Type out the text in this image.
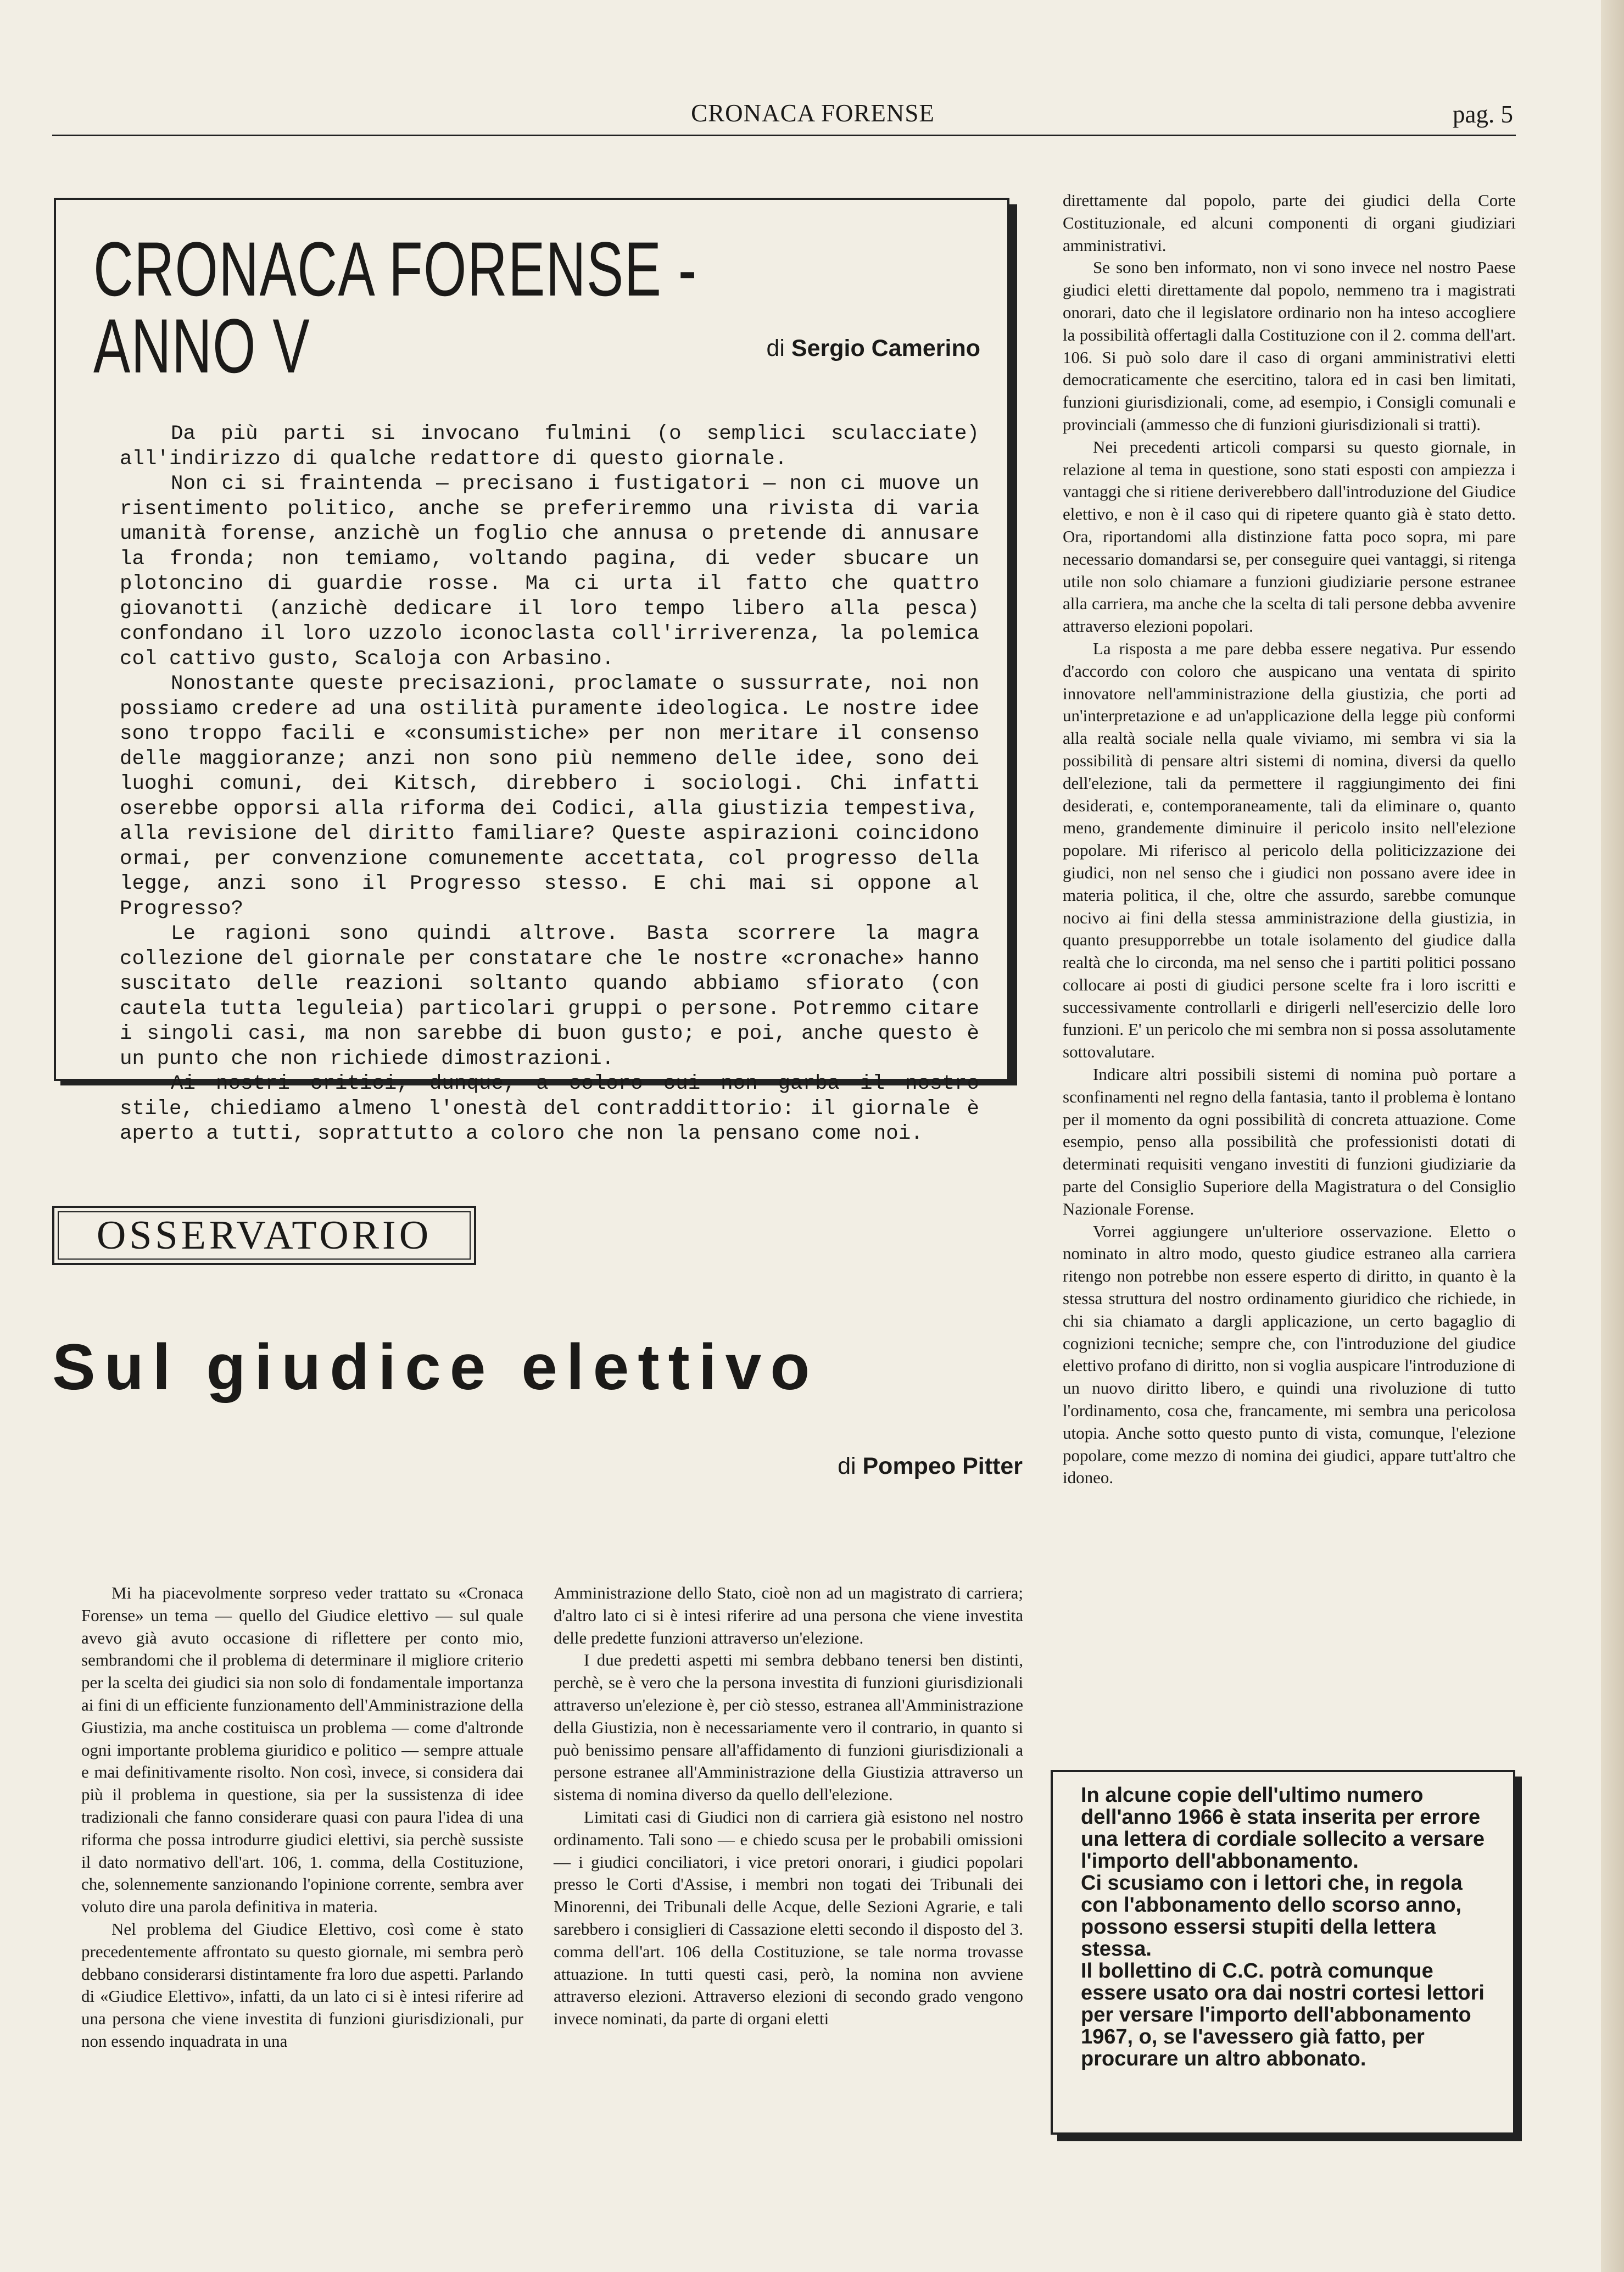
CRONACA FORENSE	pag. 5
CRONACA FORENSE - ANNO V	di Sergio Camerino

Da più parti si invocano fulmini (o semplici sculacciate) all'indirizzo di qualche redattore di questo giornale.

Non ci si fraintenda — precisano i fustigatori — non ci muove un risentimento politico, anche se preferiremmo una rivista di varia umanità forense, anzichè un foglio che annusa o pretende di annusare la fronda; non temiamo, voltando pagina, di veder sbucare un plotoncino di guardie rosse. Ma ci urta il fatto che quattro giovanotti (anzichè dedicare il loro tempo libero alla pesca) confondano il loro uzzolo iconoclasta coll'irriverenza, la polemica col cattivo gusto, Scaloja con Arbasino.

Nonostante queste precisazioni, proclamate o sussurrate, noi non possiamo credere ad una ostilità puramente ideologica. Le nostre idee sono troppo facili e «consumistiche» per non meritare il consenso delle maggioranze; anzi non sono più nemmeno delle idee, sono dei luoghi comuni, dei Kitsch, direbbero i sociologi. Chi infatti oserebbe opporsi alla riforma dei Codici, alla giustizia tempestiva, alla revisione del diritto familiare? Queste aspirazioni coincidono ormai, per convenzione comunemente accettata, col progresso della legge, anzi sono il Progresso stesso. E chi mai si oppone al Progresso?

Le ragioni sono quindi altrove. Basta scorrere la magra collezione del giornale per constatare che le nostre «cronache» hanno suscitato delle reazioni soltanto quando abbiamo sfiorato (con cautela tutta leguleia) particolari gruppi o persone. Potremmo citare i singoli casi, ma non sarebbe di buon gusto; e poi, anche questo è un punto che non richiede dimostrazioni.

Ai nostri critici, dunque, a coloro cui non garba il nostro stile, chiediamo almeno l'onestà del contraddittorio: il giornale è aperto a tutti, soprattutto a coloro che non la pensano come noi.

OSSERVATORIO
Sul giudice elettivo
di Pompeo Pitter

Mi ha piacevolmente sorpreso veder trattato su «Cronaca Forense» un tema — quello del Giudice elettivo — sul quale avevo già avuto occasione di riflettere per conto mio, sembrandomi che il problema di determinare il migliore criterio per la scelta dei giudici sia non solo di fondamentale importanza ai fini di un efficiente funzionamento dell'Amministrazione della Giustizia, ma anche costituisca un problema — come d'altronde ogni importante problema giuridico e politico — sempre attuale e mai definitivamente risolto. Non così, invece, si considera dai più il problema in questione, sia per la sussistenza di idee tradizionali che fanno considerare quasi con paura l'idea di una riforma che possa introdurre giudici elettivi, sia perchè sussiste il dato normativo dell'art. 106, 1. comma, della Costituzione, che, solennemente sanzionando l'opinione corrente, sembra aver voluto dire una parola definitiva in materia.

Nel problema del Giudice Elettivo, così come è stato precedentemente affrontato su questo giornale, mi sembra però debbano considerarsi distintamente fra loro due aspetti. Parlando di «Giudice Elettivo», infatti, da un lato ci si è intesi riferire ad una persona che viene investita di funzioni giurisdizionali, pur non essendo inquadrata in una

Amministrazione dello Stato, cioè non ad un magistrato di carriera; d'altro lato ci si è intesi riferire ad una persona che viene investita delle predette funzioni attraverso un'elezione.

I due predetti aspetti mi sembra debbano tenersi ben distinti, perchè, se è vero che la persona investita di funzioni giurisdizionali attraverso un'elezione è, per ciò stesso, estranea all'Amministrazione della Giustizia, non è necessariamente vero il contrario, in quanto si può benissimo pensare all'affidamento di funzioni giurisdizionali a persone estranee all'Amministrazione della Giustizia attraverso un sistema di nomina diverso da quello dell'elezione.

Limitati casi di Giudici non di carriera già esistono nel nostro ordinamento. Tali sono — e chiedo scusa per le probabili omissioni — i giudici conciliatori, i vice pretori onorari, i giudici popolari presso le Corti d'Assise, i membri non togati dei Tribunali dei Minorenni, dei Tribunali delle Acque, delle Sezioni Agrarie, e tali sarebbero i consiglieri di Cassazione eletti secondo il disposto del 3. comma dell'art. 106 della Costituzione, se tale norma trovasse attuazione. In tutti questi casi, però, la nomina non avviene attraverso elezioni. Attraverso elezioni di secondo grado vengono invece nominati, da parte di organi eletti

direttamente dal popolo, parte dei giudici della Corte Costituzionale, ed alcuni componenti di organi giudiziari amministrativi.

Se sono ben informato, non vi sono invece nel nostro Paese giudici eletti direttamente dal popolo, nemmeno tra i magistrati onorari, dato che il legislatore ordinario non ha inteso accogliere la possibilità offertagli dalla Costituzione con il 2. comma dell'art. 106. Si può solo dare il caso di organi amministrativi eletti democraticamente che esercitino, talora ed in casi ben limitati, funzioni giurisdizionali, come, ad esempio, i Consigli comunali e provinciali (ammesso che di funzioni giurisdizionali si tratti).

Nei precedenti articoli comparsi su questo giornale, in relazione al tema in questione, sono stati esposti con ampiezza i vantaggi che si ritiene deriverebbero dall'introduzione del Giudice elettivo, e non è il caso qui di ripetere quanto già è stato detto. Ora, riportandomi alla distinzione fatta poco sopra, mi pare necessario domandarsi se, per conseguire quei vantaggi, si ritenga utile non solo chiamare a funzioni giudiziarie persone estranee alla carriera, ma anche che la scelta di tali persone debba avvenire attraverso elezioni popolari.

La risposta a me pare debba essere negativa. Pur essendo d'accordo con coloro che auspicano una ventata di spirito innovatore nell'amministrazione della giustizia, che porti ad un'interpretazione e ad un'applicazione della legge più conformi alla realtà sociale nella quale viviamo, mi sembra vi sia la possibilità di pensare altri sistemi di nomina, diversi da quello dell'elezione, tali da permettere il raggiungimento dei fini desiderati, e, contemporaneamente, tali da eliminare o, quanto meno, grandemente diminuire il pericolo insito nell'elezione popolare. Mi riferisco al pericolo della politicizzazione dei giudici, non nel senso che i giudici non possano avere idee in materia politica, il che, oltre che assurdo, sarebbe comunque nocivo ai fini della stessa amministrazione della giustizia, in quanto presupporrebbe un totale isolamento del giudice dalla realtà che lo circonda, ma nel senso che i partiti politici possano collocare ai posti di giudici persone scelte fra i loro iscritti e successivamente controllarli e dirigerli nell'esercizio delle loro funzioni. E' un pericolo che mi sembra non si possa assolutamente sottovalutare.

Indicare altri possibili sistemi di nomina può portare a sconfinamenti nel regno della fantasia, tanto il problema è lontano per il momento da ogni possibilità di concreta attuazione. Come esempio, penso alla possibilità che professionisti dotati di determinati requisiti vengano investiti di funzioni giudiziarie da parte del Consiglio Superiore della Magistratura o del Consiglio Nazionale Forense.

Vorrei aggiungere un'ulteriore osservazione. Eletto o nominato in altro modo, questo giudice estraneo alla carriera ritengo non potrebbe non essere esperto di diritto, in quanto è la stessa struttura del nostro ordinamento giuridico che richiede, in chi sia chiamato a dargli applicazione, un certo bagaglio di cognizioni tecniche; sempre che, con l'introduzione del giudice elettivo profano di diritto, non si voglia auspicare l'introduzione di un nuovo diritto libero, e quindi una rivoluzione di tutto l'ordinamento, cosa che, francamente, mi sembra una pericolosa utopia. Anche sotto questo punto di vista, comunque, l'elezione popolare, come mezzo di nomina dei giudici, appare tutt'altro che idoneo.

In alcune copie dell'ultimo numero dell'anno 1966 è stata inserita per errore una lettera di cordiale sollecito a versare l'importo dell'abbonamento.

Ci scusiamo con i lettori che, in regola con l'abbonamento dello scorso anno, possono essersi stupiti della lettera stessa.

Il bollettino di C.C. potrà comunque essere usato ora dai nostri cortesi lettori per versare l'importo dell'abbonamento 1967, o, se l'avessero già fatto, per procurare un altro abbonato.
